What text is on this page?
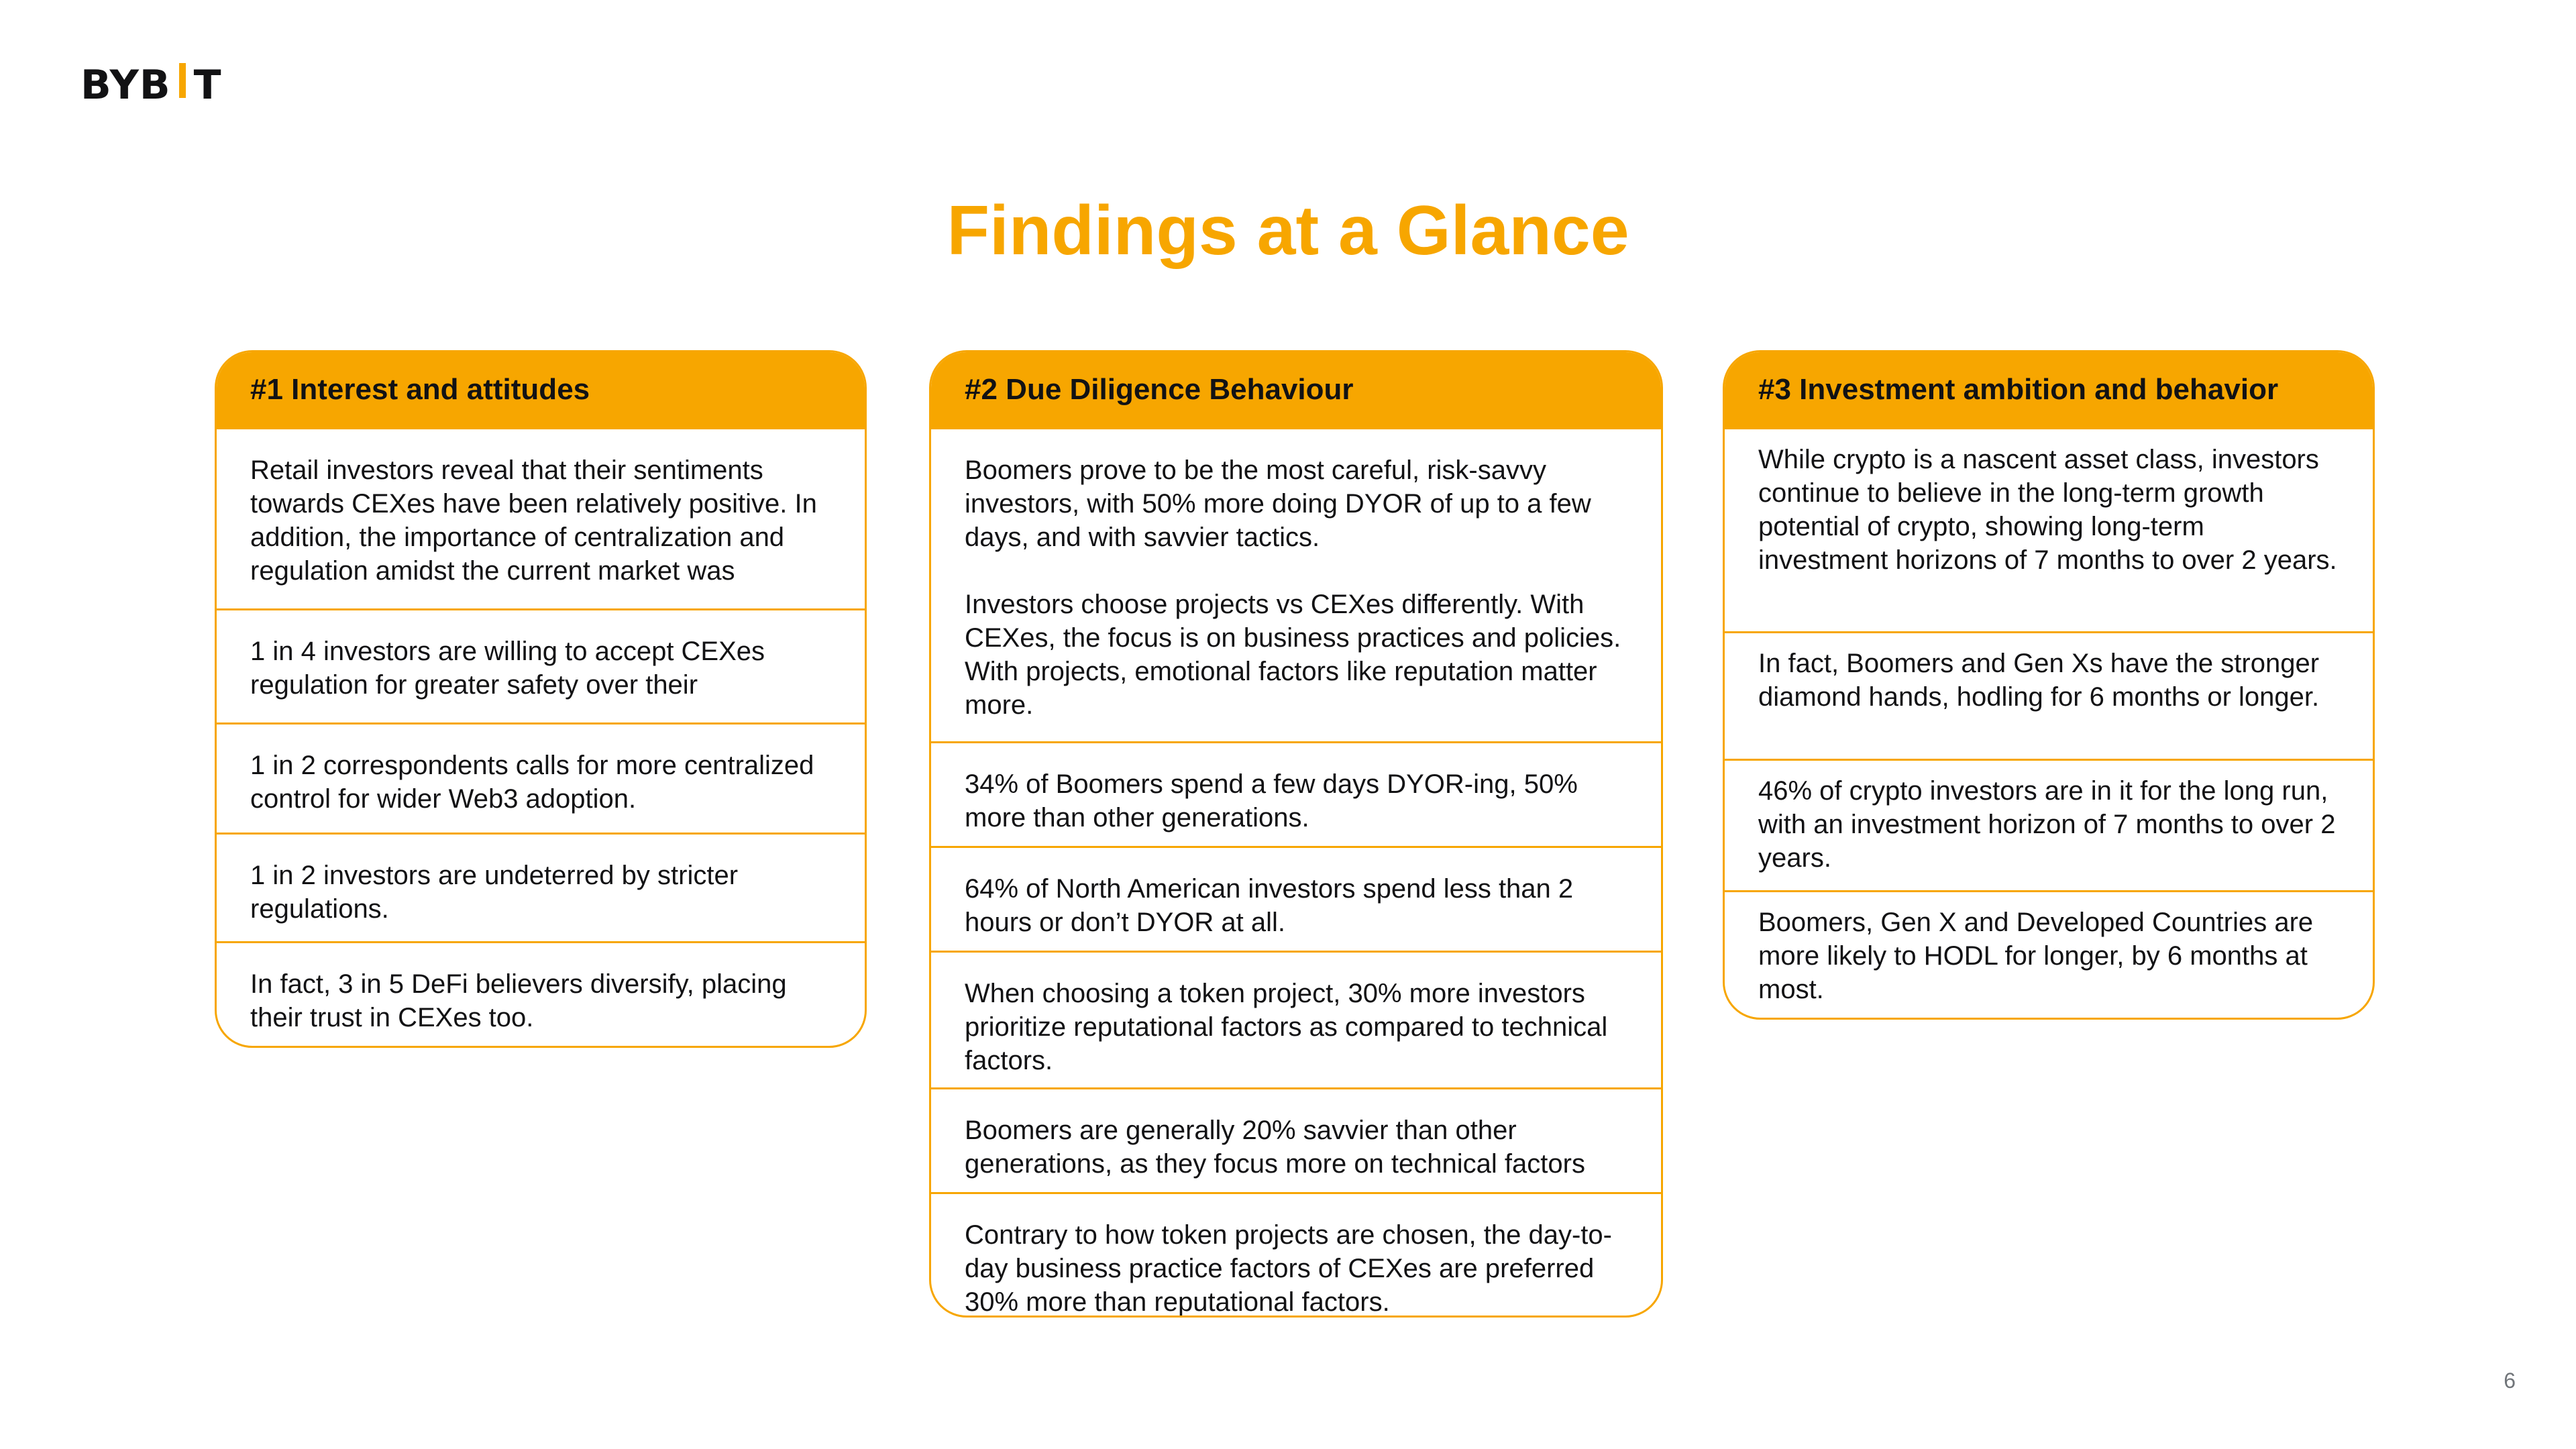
BYB T
Findings at a Glance
#1 Interest and attitudes

Retail investors reveal that their sentiments towards CEXes have been relatively positive. In addition, the importance of centralization and regulation amidst the current market was

1 in 4 investors are willing to accept CEXes regulation for greater safety over their

1 in 2 correspondents calls for more centralized control for wider Web3 adoption.

1 in 2 investors are undeterred by stricter regulations.

In fact, 3 in 5 DeFi believers diversify, placing their trust in CEXes too.

#2 Due Diligence Behaviour

Boomers prove to be the most careful, risk-savvy investors, with 50% more doing DYOR of up to a few days, and with savvier tactics.

Investors choose projects vs CEXes differently. With CEXes, the focus is on business practices and policies. With projects, emotional factors like reputation matter more.

34% of Boomers spend a few days DYOR-ing, 50% more than other generations.

64% of North American investors spend less than 2 hours or don’t DYOR at all.

When choosing a token project, 30% more investors prioritize reputational factors as compared to technical factors.

Boomers are generally 20% savvier than other generations, as they focus more on technical factors

Contrary to how token projects are chosen, the day-to-day business practice factors of CEXes are preferred 30% more than reputational factors.

#3 Investment ambition and behavior

While crypto is a nascent asset class, investors continue to believe in the long-term growth potential of crypto, showing long-term investment horizons of 7 months to over 2 years.

In fact, Boomers and Gen Xs have the stronger diamond hands, hodling for 6 months or longer.

46% of crypto investors are in it for the long run, with an investment horizon of 7 months to over 2 years.

Boomers, Gen X and Developed Countries are more likely to HODL for longer, by 6 months at most.

6
